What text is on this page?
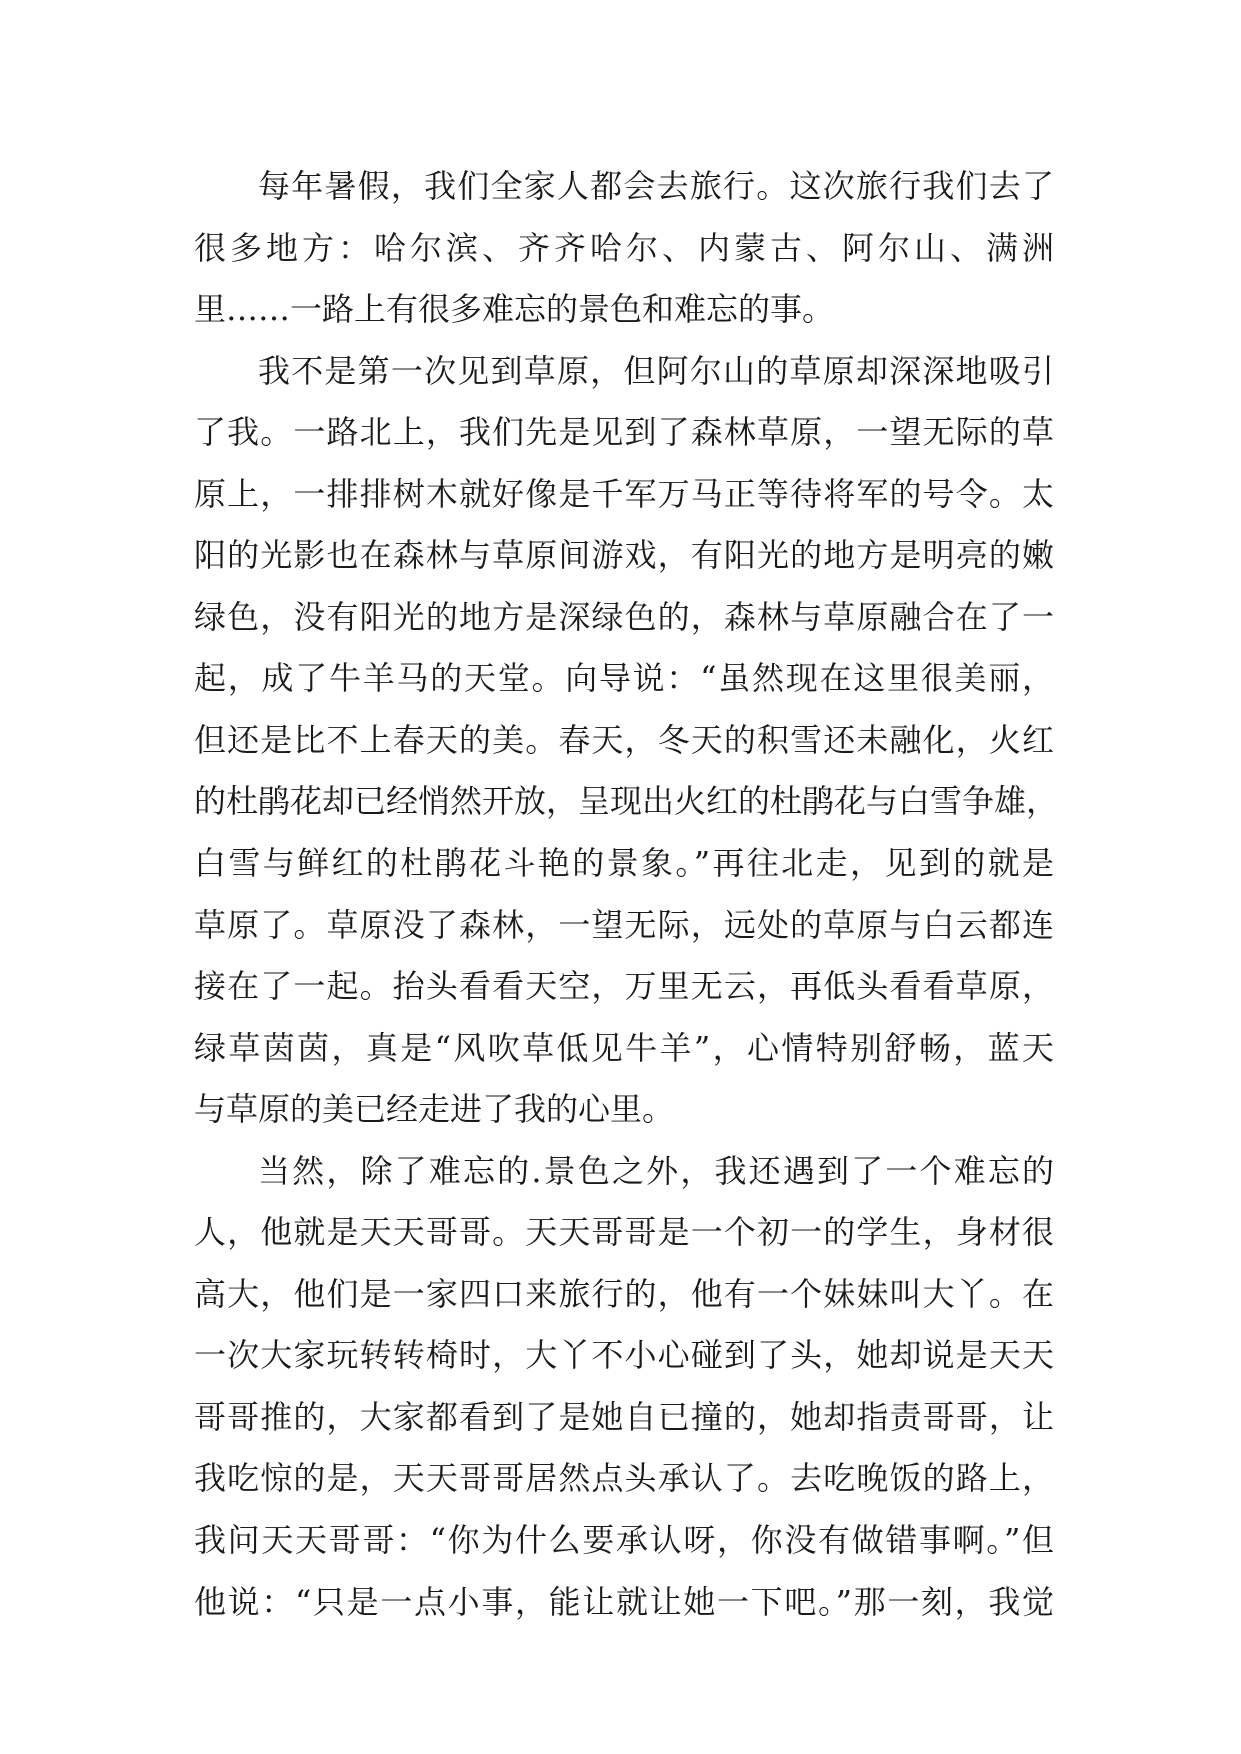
每年暑假，我们全家人都会去旅行。这次旅行我们去了
很多地方：哈尔滨、齐齐哈尔、内蒙古、阿尔山、满洲
里……一路上有很多难忘的景色和难忘的事。
我不是第一次见到草原，但阿尔山的草原却深深地吸引
了我。一路北上，我们先是见到了森林草原，一望无际的草
原上，一排排树木就好像是千军万马正等待将军的号令。太
阳的光影也在森林与草原间游戏，有阳光的地方是明亮的嫩
绿色，没有阳光的地方是深绿色的，森林与草原融合在了一
起，成了牛羊马的天堂。向导说：“虽然现在这里很美丽，
但还是比不上春天的美。春天，冬天的积雪还未融化，火红
的杜鹃花却已经悄然开放，呈现出火红的杜鹃花与白雪争雄，
白雪与鲜红的杜鹃花斗艳的景象。”再往北走，见到的就是
草原了。草原没了森林，一望无际，远处的草原与白云都连
接在了一起。抬头看看天空，万里无云，再低头看看草原，
绿草茵茵，真是“风吹草低见牛羊”，心情特别舒畅，蓝天
与草原的美已经走进了我的心里。
当然，除了难忘的.景色之外，我还遇到了一个难忘的
人，他就是天天哥哥。天天哥哥是一个初一的学生，身材很
高大，他们是一家四口来旅行的，他有一个妹妹叫大丫。在
一次大家玩转转椅时，大丫不小心碰到了头，她却说是天天
哥哥推的，大家都看到了是她自已撞的，她却指责哥哥，让
我吃惊的是，天天哥哥居然点头承认了。去吃晚饭的路上，
我问天天哥哥：“你为什么要承认呀，你没有做错事啊。”但
他说：“只是一点小事，能让就让她一下吧。”那一刻，我觉
